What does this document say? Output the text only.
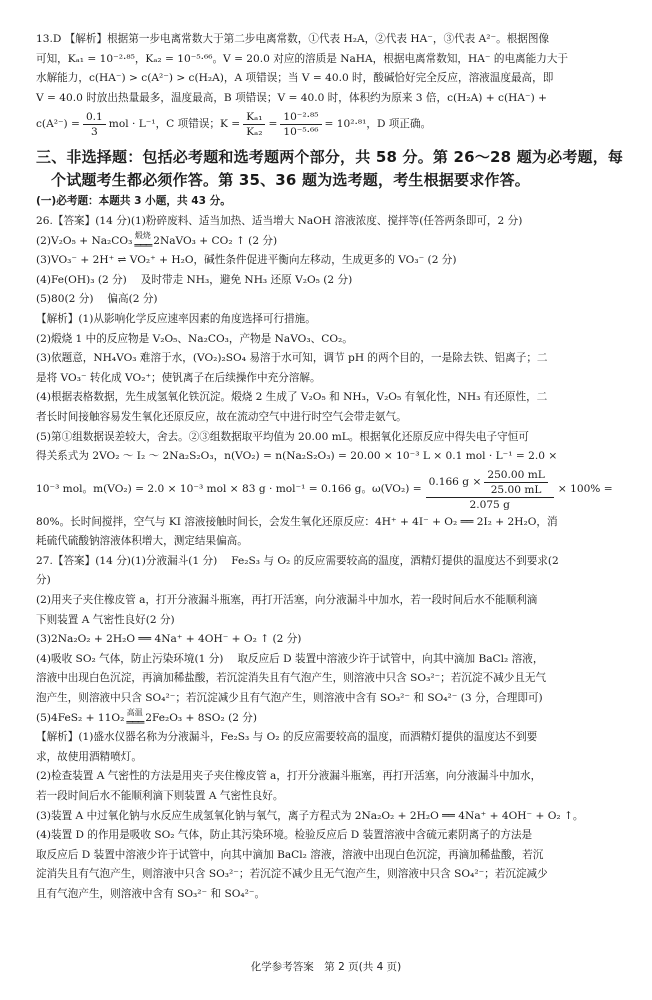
13.D 【解析】根据第一步电离常数大于第二步电离常数，①代表 H₂A，②代表 HA⁻，③代表 A²⁻。根据图像

可知，Kₐ₁ = 10⁻²·⁸⁵，Kₐ₂ = 10⁻⁵·⁶⁶。V = 20.0 对应的溶质是 NaHA，根据电离常数知，HA⁻ 的电离能力大于

水解能力，c(HA⁻) > c(A²⁻) > c(H₂A)，A 项错误；当 V = 40.0 时，酸碱恰好完全反应，溶液温度最高，即

V = 40.0 时放出热量最多，温度最高，B 项错误；V = 40.0 时，体积约为原来 3 倍，c(H₂A) + c(HA⁻) +

$c(A^{2-}) = \frac{0.1}{3}$ mol · L⁻¹，C 项错误；$K = \frac{\text{Kₐ₁}}{\text{Kₐ₂}} = \frac{\text{10⁻²·⁸⁵}}{\text{10⁻⁵·⁶⁶}} = 10^2\cdot^{81}$，D 项正确。

三、非选择题：包括必考题和选考题两个部分，共 58 分。第 26～28 题为必考题，每

个试题考生都必须作答。第 35、36 题为选考题，考生根据要求作答。

(一)必考题：本题共 3 小题，共 43 分。

26.【答案】(14 分)(1)粉碎废料、适当加热、适当增大 NaOH 溶液浓度、搅拌等(任答两条即可，2 分)

(2)V₂O₅ + Na₂CO₃ 煅烧
═══ 2NaVO₃ + CO₂ ↑ (2 分)

(3)VO₃⁻ + 2H⁺ ⇌ VO₂⁺ + H₂O，碱性条件促进平衡向左移动，生成更多的 VO₃⁻ (2 分)

(4)Fe(OH)₃ (2 分)　 及时带走 NH₃，避免 NH₃ 还原 V₂O₅ (2 分)

(5)80(2 分)　 偏高(2 分)

【解析】(1)从影响化学反应速率因素的角度选择可行措施。

(2)煅烧 1 中的反应物是 V₂O₅、Na₂CO₃，产物是 NaVO₃、CO₂。

(3)依题意，NH₄VO₃ 难溶于水，(VO₂)₂SO₄ 易溶于水可知，调节 pH 的两个目的，一是除去铁、铝离子；二

是将 VO₃⁻ 转化成 VO₂⁺；使钒离子在后续操作中充分溶解。

(4)根据表格数据，先生成氢氧化铁沉淀。煅烧 2 生成了 V₂O₅ 和 NH₃，V₂O₅ 有氧化性，NH₃ 有还原性，二

者长时间接触容易发生氧化还原反应，故在流动空气中进行时空气会带走氨气。

(5)第①组数据误差较大，舍去。②③组数据取平均值为 20.00 mL。根据氧化还原反应中得失电子守恒可

得关系式为 2VO₂ ～ I₂ ～ 2Na₂S₂O₃，n(VO₂) = n(Na₂S₂O₃) = 20.00 × 10⁻³ L × 0.1 mol · L⁻¹ = 2.0 ×

10⁻³ mol。m(VO₂) = 2.0 × 10⁻³ mol × 83 g · mol⁻¹ = 0.166 g。ω(VO₂) =
0.166 $g \times \frac{250.00 mL}{25.00 mL}$
2.075 g
× 100% =

80%。长时间搅拌，空气与 KI 溶液接触时间长，会发生氧化还原反应：4H⁺ + 4I⁻ + O₂ ══ 2I₂ + 2H₂O，消

耗硫代硫酸钠溶液体积增大，测定结果偏高。

27.【答案】(14 分)(1)分液漏斗(1 分)　 Fe₂S₃ 与 O₂ 的反应需要较高的温度，酒精灯提供的温度达不到要求(2

分)

(2)用夹子夹住橡皮管 a，打开分液漏斗瓶塞，再打开活塞，向分液漏斗中加水，若一段时间后水不能顺利滴

下则装置 A 气密性良好(2 分)

(3)2Na₂O₂ + 2H₂O ══ 4Na⁺ + 4OH⁻ + O₂ ↑ (2 分)

(4)吸收 SO₂ 气体，防止污染环境(1 分)　 取反应后 D 装置中溶液少许于试管中，向其中滴加 BaCl₂ 溶液，

溶液中出现白色沉淀，再滴加稀盐酸，若沉淀消失且有气泡产生，则溶液中只含 SO₃²⁻；若沉淀不减少且无气

泡产生，则溶液中只含 SO₄²⁻；若沉淀减少且有气泡产生，则溶液中含有 SO₃²⁻ 和 SO₄²⁻ (3 分，合理即可)

(5)4FeS₂ + 11O₂ 高温
═══ 2Fe₂O₃ + 8SO₂ (2 分)

【解析】(1)盛水仪器名称为分液漏斗，Fe₂S₃ 与 O₂ 的反应需要较高的温度，而酒精灯提供的温度达不到要

求，故使用酒精喷灯。

(2)检查装置 A 气密性的方法是用夹子夹住橡皮管 a，打开分液漏斗瓶塞，再打开活塞，向分液漏斗中加水，

若一段时间后水不能顺利滴下则装置 A 气密性良好。

(3)装置 A 中过氧化钠与水反应生成氢氧化钠与氧气，离子方程式为 2Na₂O₂ + 2H₂O ══ 4Na⁺ + 4OH⁻ + O₂ ↑。

(4)装置 D 的作用是吸收 SO₂ 气体，防止其污染环境。检验反应后 D 装置溶液中含硫元素阴离子的方法是

取反应后 D 装置中溶液少许于试管中，向其中滴加 BaCl₂ 溶液，溶液中出现白色沉淀，再滴加稀盐酸，若沉

淀消失且有气泡产生，则溶液中只含 SO₃²⁻；若沉淀不减少且无气泡产生，则溶液中只含 SO₄²⁻；若沉淀减少

且有气泡产生，则溶液中含有 SO₃²⁻ 和 SO₄²⁻。

化学参考答案　第 2 页(共 4 页)
